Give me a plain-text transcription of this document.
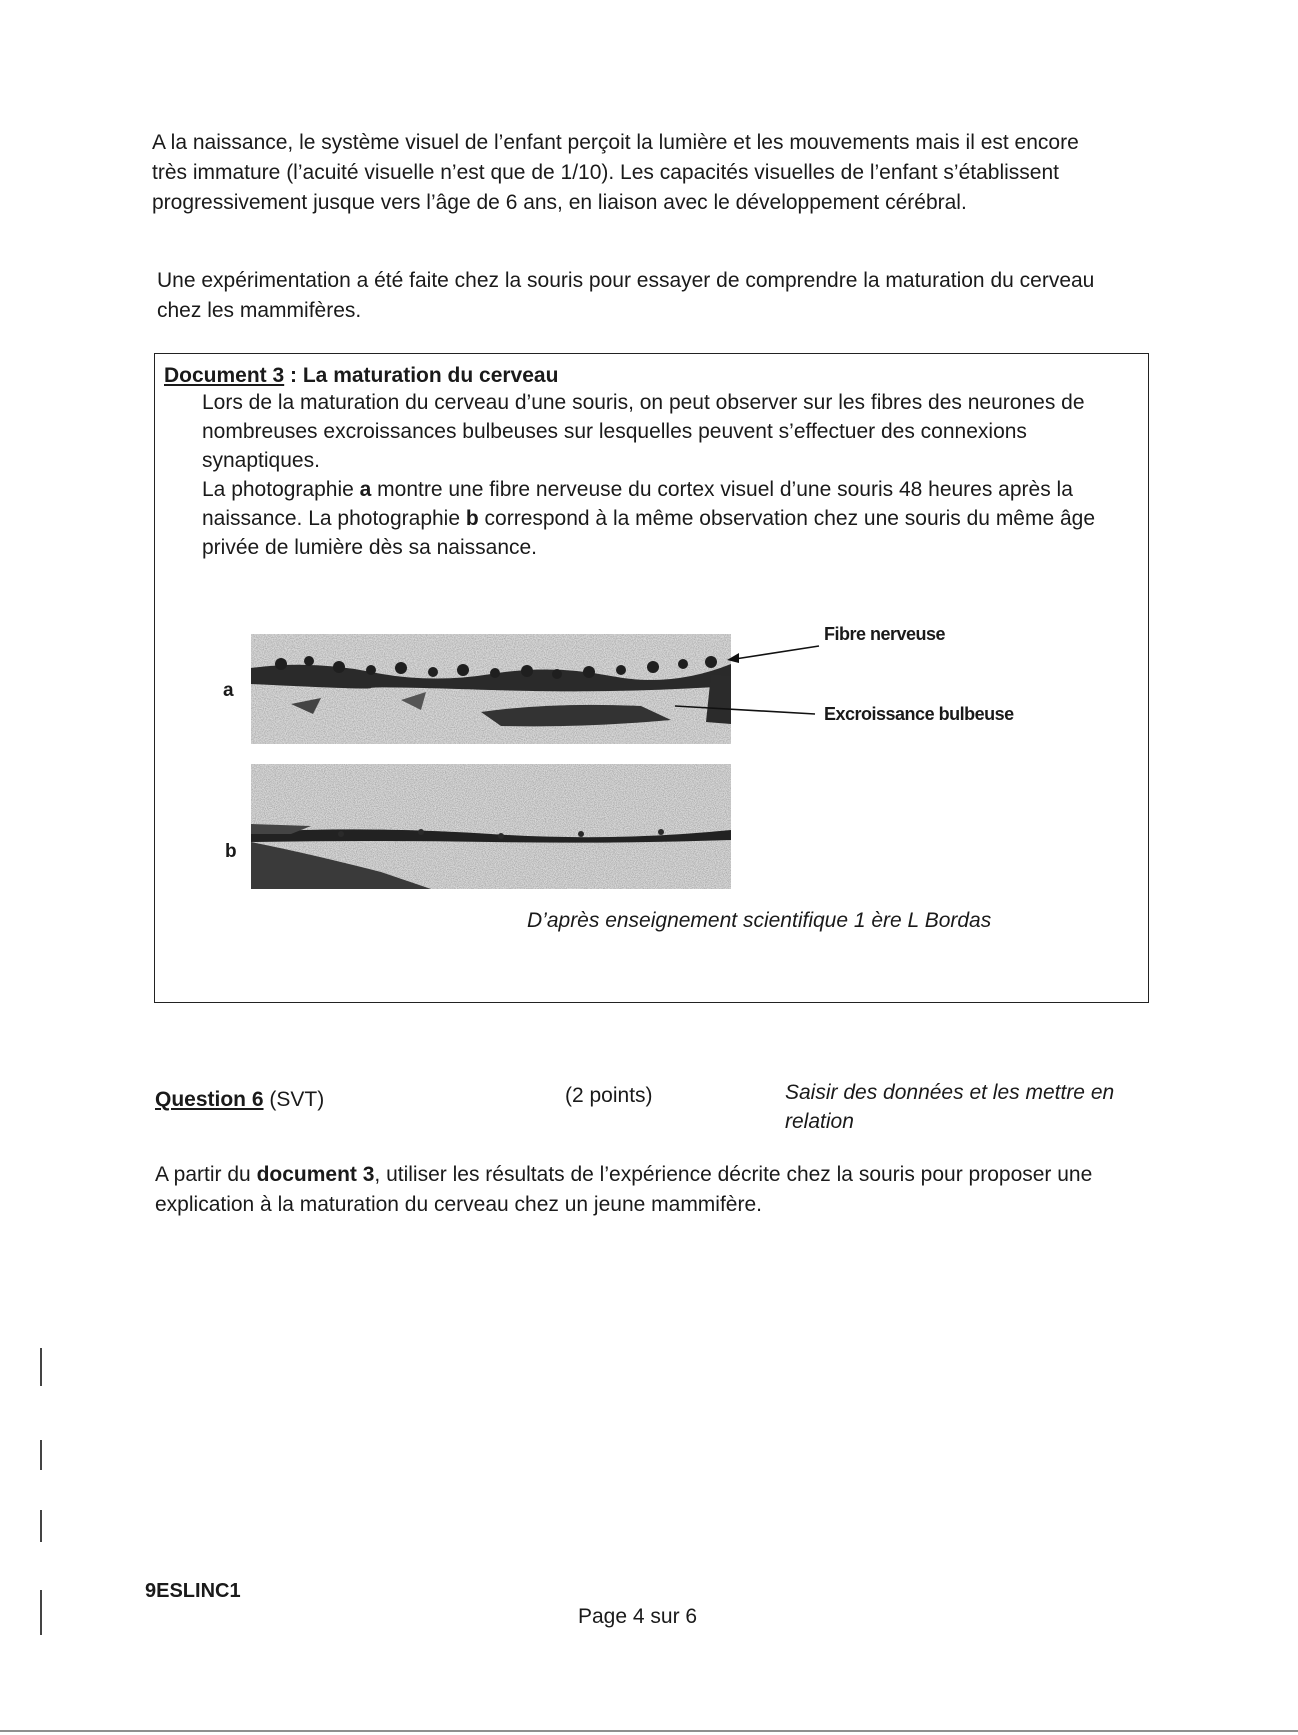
A la naissance, le système visuel de l’enfant perçoit la lumière et les mouvements mais il est encore très immature (l’acuité visuelle n’est que de 1/10). Les capacités visuelles de l’enfant s’établissent progressivement jusque vers l’âge de 6 ans, en liaison avec le développement cérébral.

Une expérimentation a été faite chez la souris pour essayer de comprendre la maturation du cerveau chez les mammifères.

Document 3 : La maturation du cerveau

Lors de la maturation du cerveau d’une souris, on peut observer sur les fibres des neurones de nombreuses excroissances bulbeuses sur lesquelles peuvent s’effectuer des connexions synaptiques.

La photographie a montre une fibre nerveuse du cortex visuel d’une souris 48 heures après la naissance. La photographie b correspond à la même observation chez une souris du même âge privée de lumière dès sa naissance.

a
b
Fibre nerveuse
Excroissance bulbeuse
D’après enseignement scientifique 1 ère L Bordas
Question 6 (SVT)	(2 points)	Saisir des données et les mettre en relation

A partir du document 3, utiliser les résultats de l’expérience décrite chez la souris pour proposer une explication à la maturation du cerveau chez un jeune mammifère.

9ESLINC1
Page 4 sur 6
